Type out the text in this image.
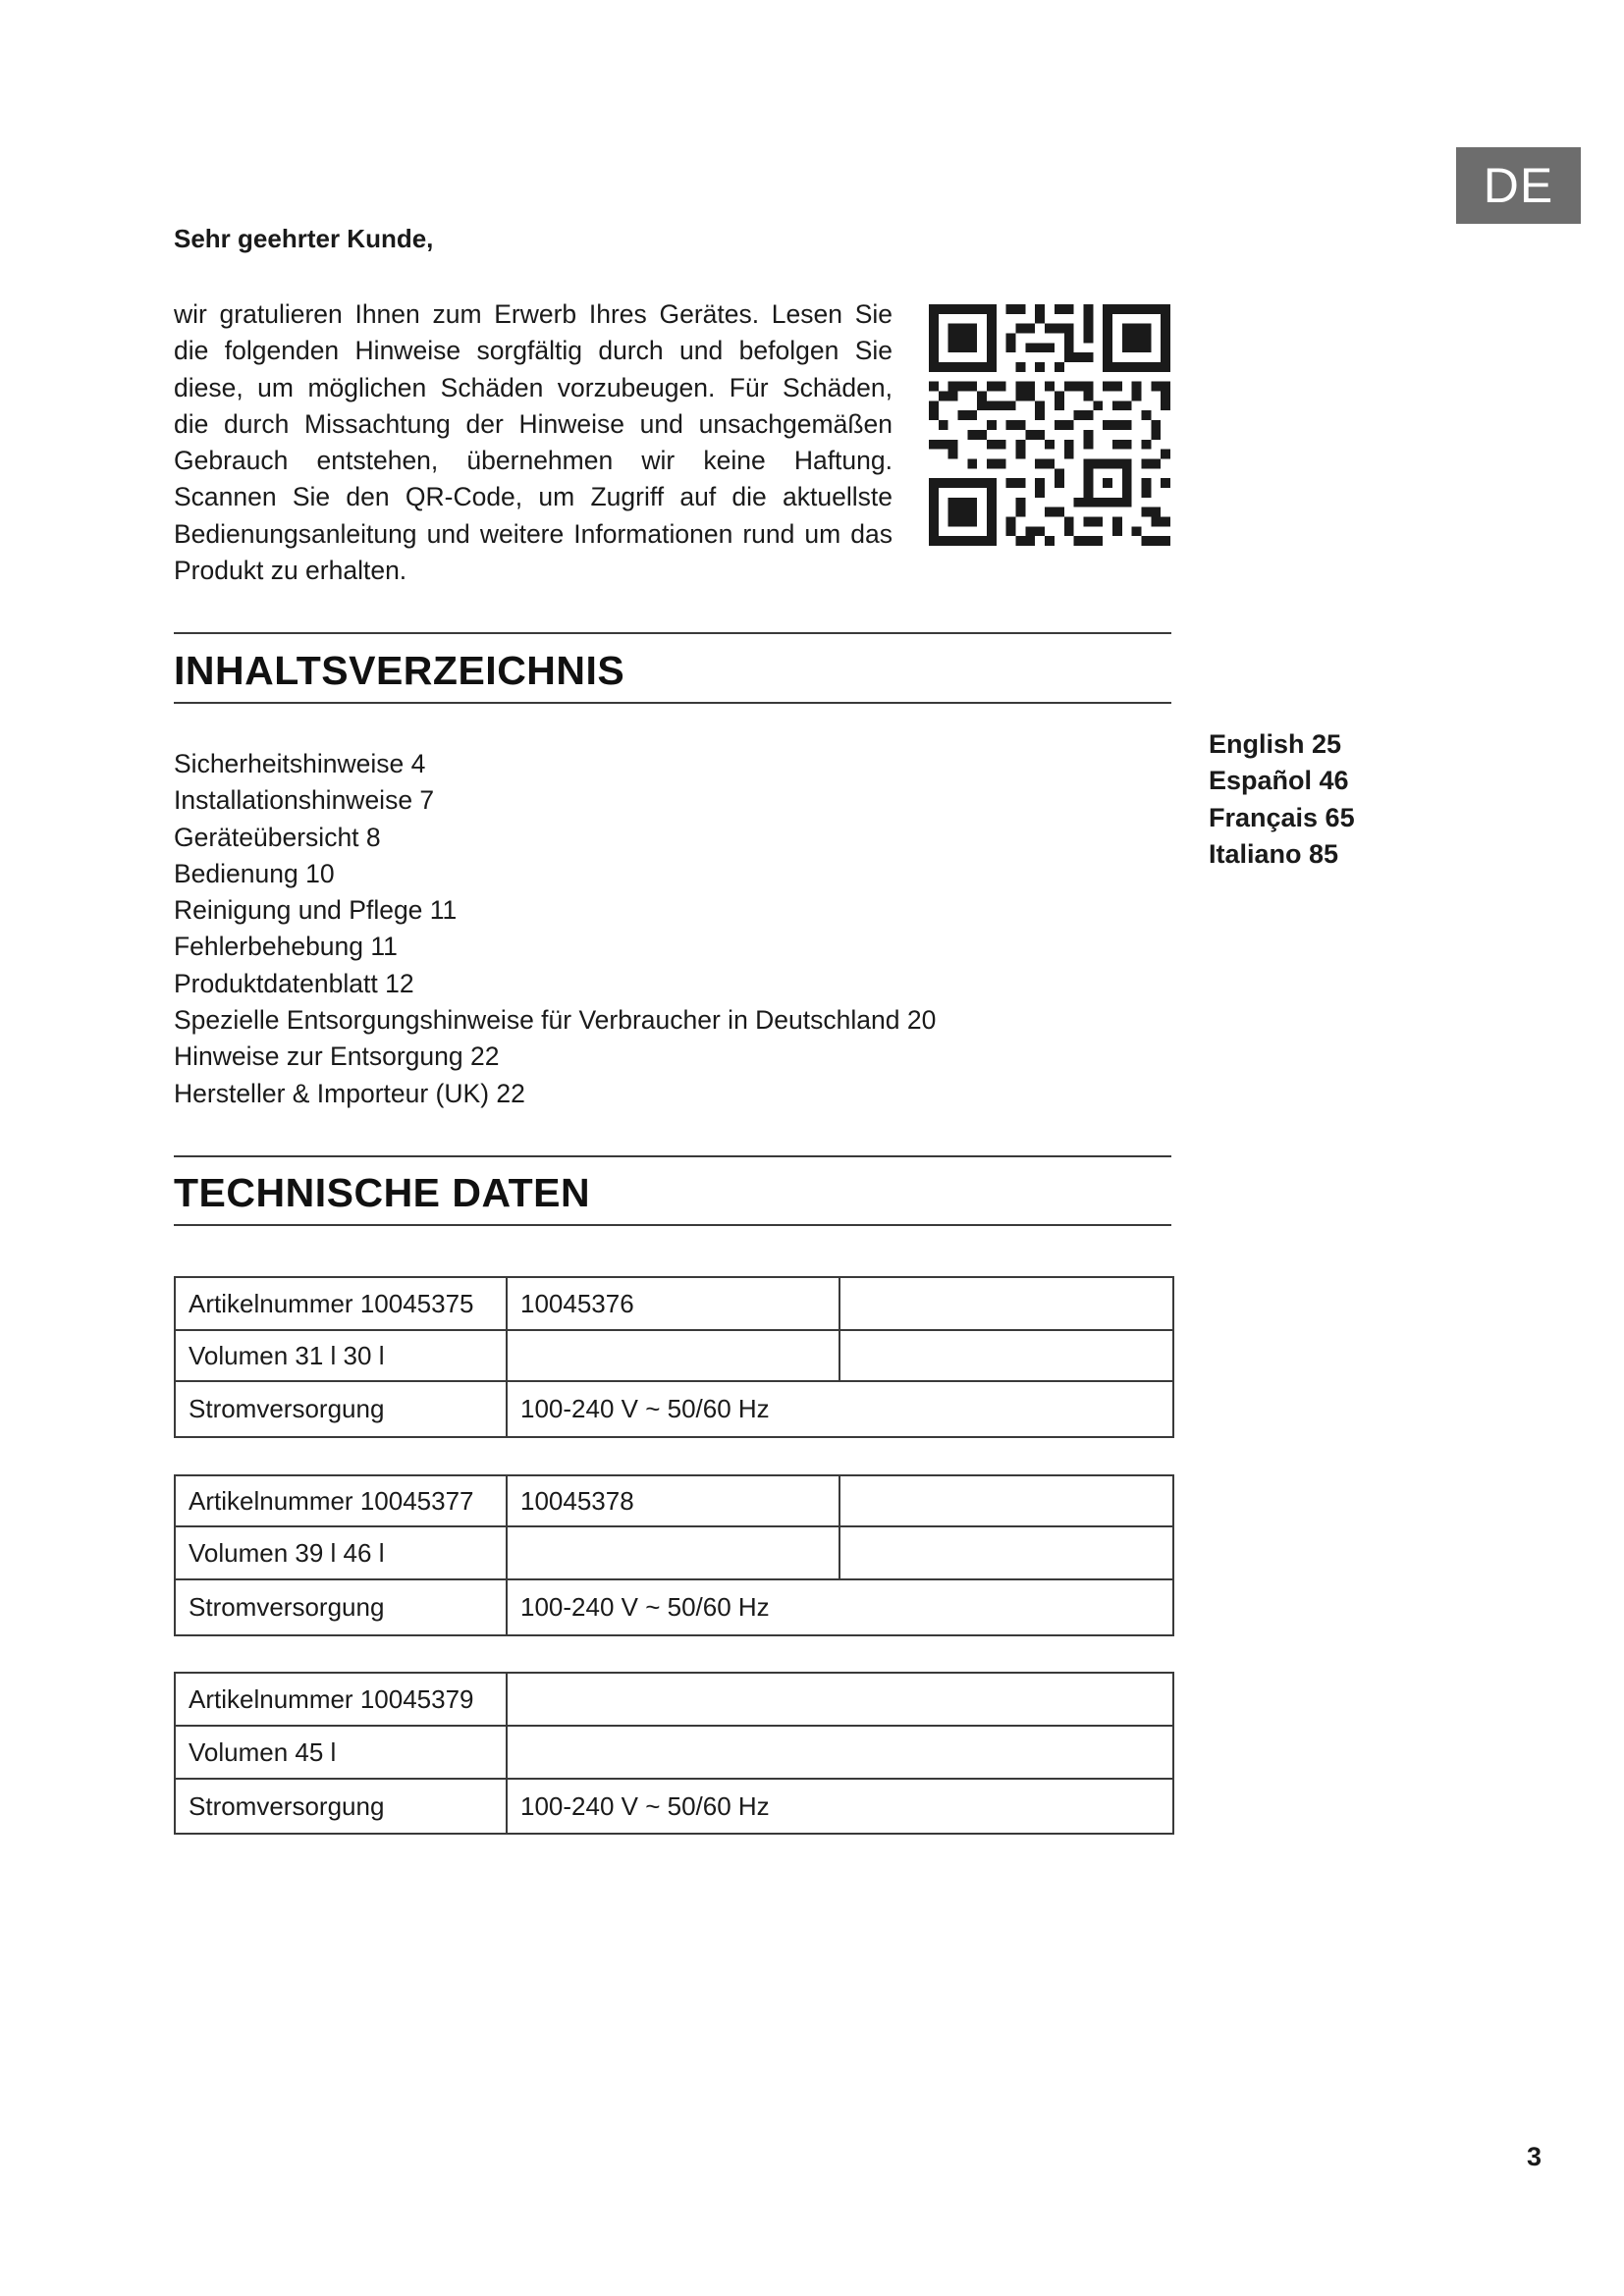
DE

Sehr geehrter Kunde,

wir gratulieren Ihnen zum Erwerb Ihres Gerätes. Lesen Sie die folgenden Hinweise sorgfältig durch und befolgen Sie diese, um möglichen Schäden vorzubeugen. Für Schäden, die durch Missachtung der Hinweise und unsachgemäßen Gebrauch entstehen, übernehmen wir keine Haftung. Scannen Sie den QR-Code, um Zugriff auf die aktuellste Bedienungsanleitung und weitere Informationen rund um das Produkt zu erhalten.

INHALTSVERZEICHNIS
Sicherheitshinweise 4
Installationshinweise 7
Geräteübersicht 8
Bedienung 10
Reinigung und Pflege 11
Fehlerbehebung 11
Produktdatenblatt 12
Spezielle Entsorgungshinweise für Verbraucher in Deutschland 20
Hinweise zur Entsorgung 22
Hersteller & Importeur (UK) 22
English 25
Español 46
Français 65
Italiano 85
TECHNISCHE DATEN
Artikelnummer 10045375	10045376	
Volumen 31 l 30 l		
Stromversorgung	100-240 V ~ 50/60 Hz	
Artikelnummer 10045377	10045378	
Volumen 39 l 46 l		
Stromversorgung	100-240 V ~ 50/60 Hz	
Artikelnummer 10045379	
Volumen 45 l	
Stromversorgung	100-240 V ~ 50/60 Hz
3
